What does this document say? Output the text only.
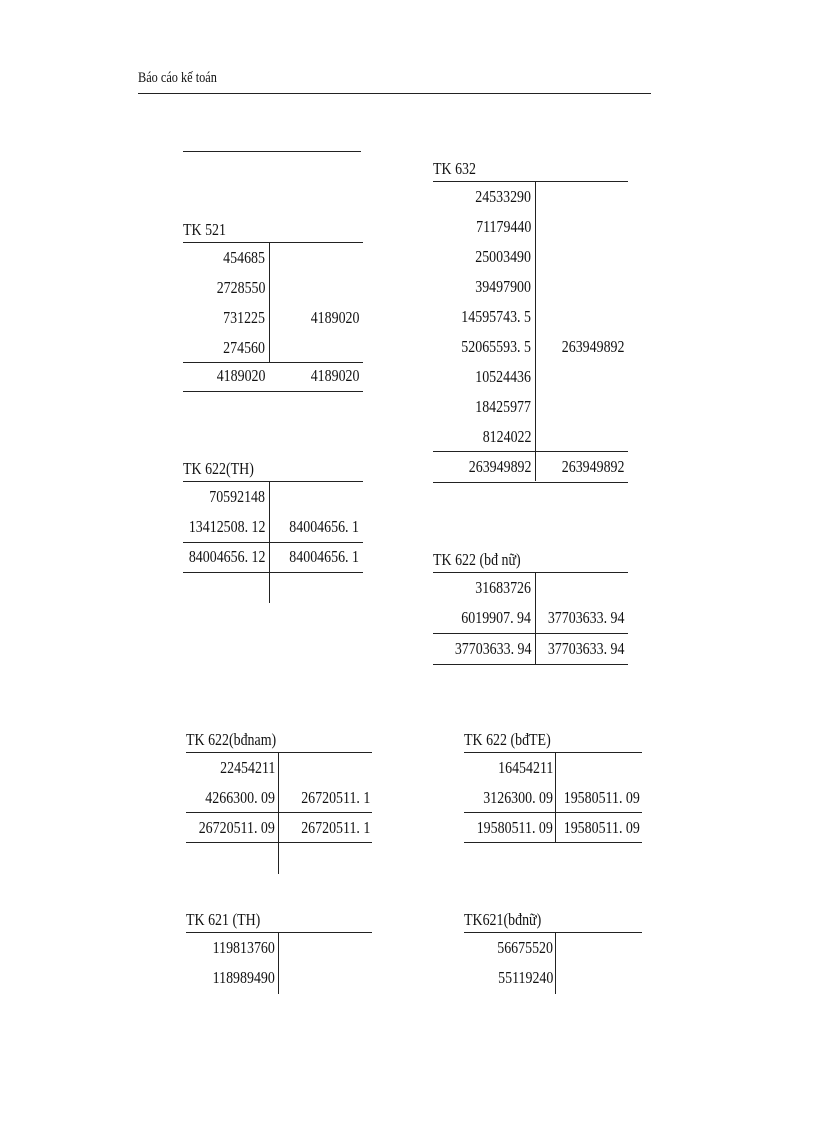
Báo cáo kế toán
TK 521
454685
2728550
731225
274560
4189020
4189020	4189020
TK 632
24533290
71179440
25003490
39497900
14595743. 5
52065593. 5
10524436
18425977
8124022
263949892
263949892 263949892
TK 622(TH)
70592148
13412508. 12 84004656. 1
84004656. 12 84004656. 1	TK 622 (bđ nữ)
31683726
6019907. 94 37703633. 94
37703633. 94 37703633. 94
TK 622(bđnam)
22454211
4266300. 09 26720511. 1
26720511. 09 26720511. 1
TK 622 (bđTE)
16454211
3126300. 09 19580511. 09
19580511. 09 19580511. 09
TK 621 (TH)
119813760
118989490
TK621(bđnữ)
56675520
55119240
